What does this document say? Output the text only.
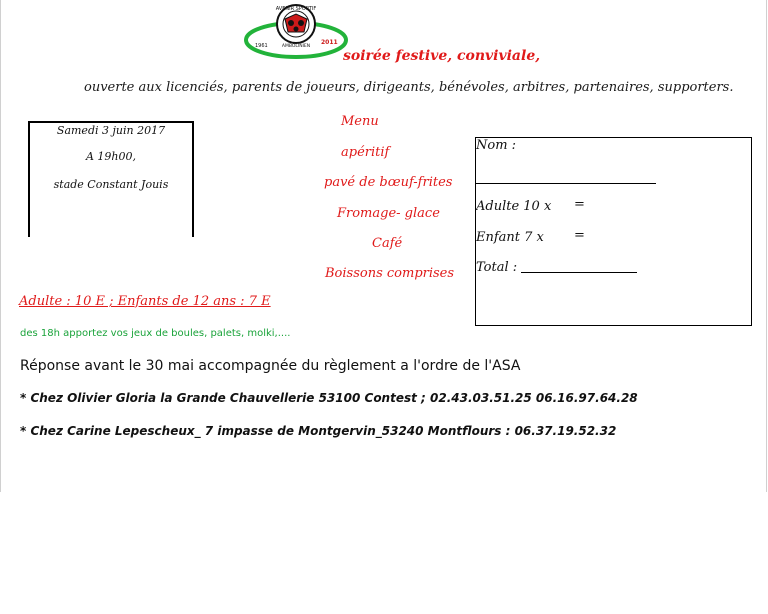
AVENIR SPORTIF
AMBOLINIEN
1961	2011
soirée festive, conviviale,
ouverte aux licenciés, parents de joueurs, dirigeants, bénévoles, arbitres, partenaires, supporters.
Samedi 3 juin 2017
A 19h00,
stade Constant Jouis
Menu
apéritif
pavé de bœuf-frites
Fromage- glace
Café
Boissons comprises
Nom :
Adulte 10 x =
Enfant 7 x =
Total :
Adulte : 10 E ; Enfants de 12 ans : 7 E
des 18h apportez vos jeux de boules, palets, molki,....
Réponse avant le 30 mai accompagnée du règlement a l'ordre de l'ASA
* Chez Olivier Gloria la Grande Chauvellerie 53100 Contest ; 02.43.03.51.25 06.16.97.64.28
* Chez Carine Lepescheux_ 7 impasse de Montgervin_53240 Montflours : 06.37.19.52.32
